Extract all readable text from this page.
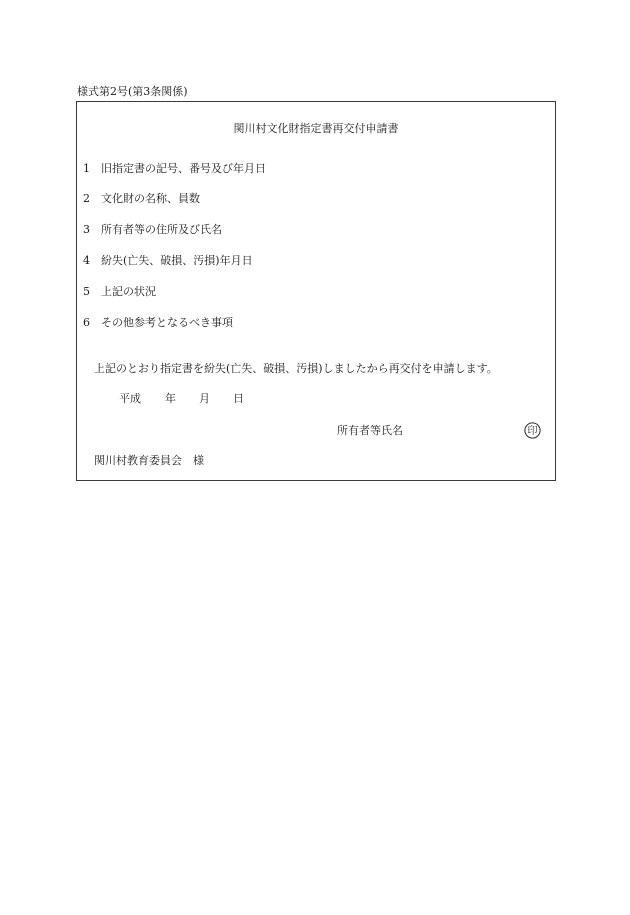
様式第2号(第3条関係)
関川村文化財指定書再交付申請書
1 旧指定書の記号、番号及び年月日
2 文化財の名称、員数
3 所有者等の住所及び氏名
4 紛失(亡失、破損、汚損)年月日
5 上記の状況
6 その他参考となるべき事項
上記のとおり指定書を紛失(亡失、破損、汚損)しましたから再交付を申請します。
平成 年 月 日
所有者等氏名	印
関川村教育委員会　様
